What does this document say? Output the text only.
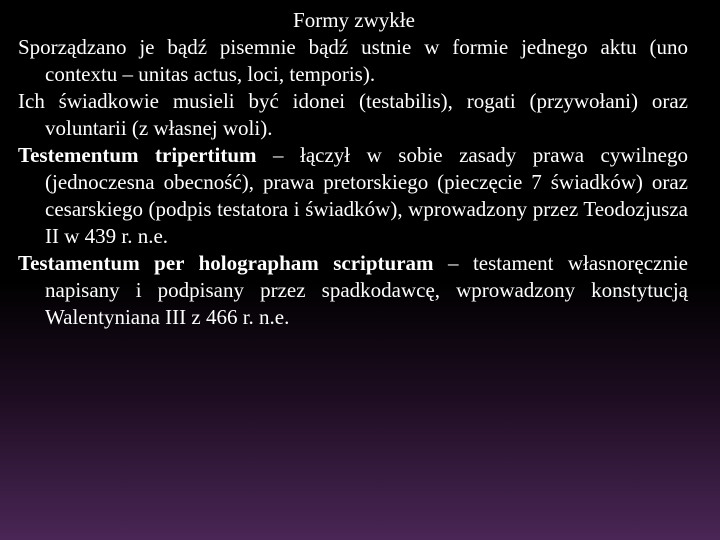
Formy zwykłe

Sporządzano je bądź pisemnie bądź ustnie w formie jednego aktu (uno contextu – unitas actus, loci, temporis).

Ich świadkowie musieli być idonei (testabilis), rogati (przywołani) oraz voluntarii (z własnej woli).

Testementum tripertitum – łączył w sobie zasady prawa cywilnego (jednoczesna obecność), prawa pretorskiego (pieczęcie 7 świadków) oraz cesarskiego (podpis testatora i świadków), wprowadzony przez Teodozjusza II w 439 r. n.e.

Testamentum per holographam scripturam – testament własnoręcznie napisany i podpisany przez spadkodawcę, wprowadzony konstytucją Walentyniana III z 466 r. n.e.
